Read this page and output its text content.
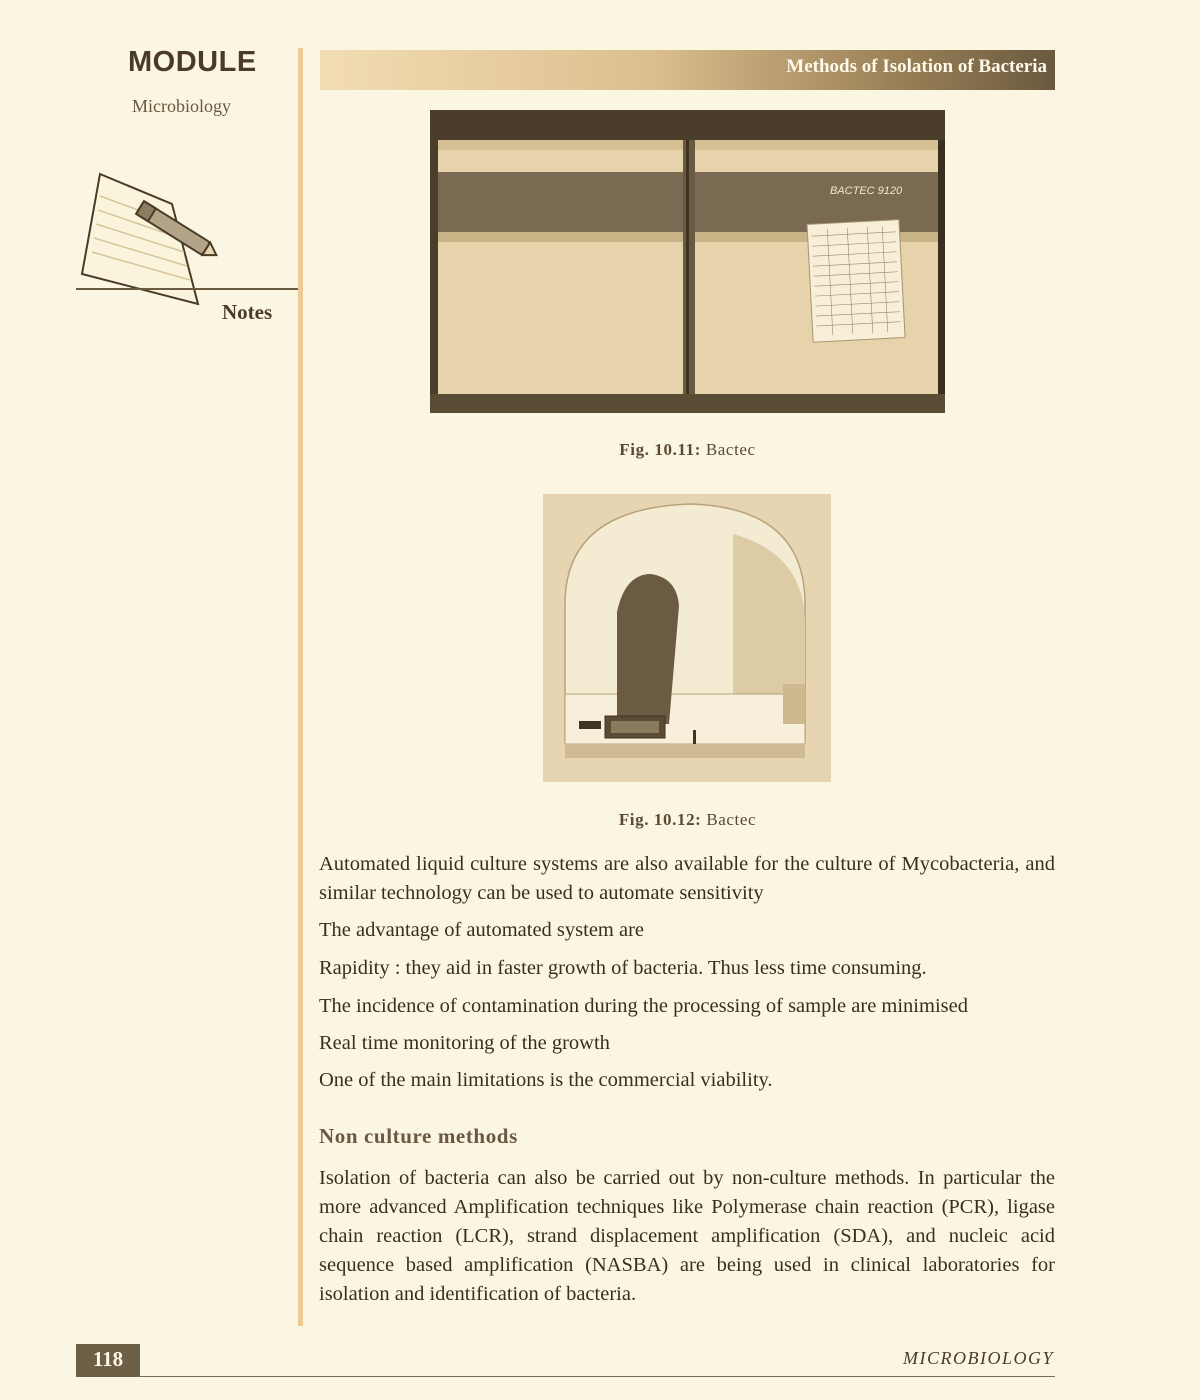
MODULE
Microbiology
Notes
Methods of Isolation of Bacteria
BACTEC 9120
Fig. 10.11: Bactec
Fig. 10.12: Bactec
Automated liquid culture systems are also available for the culture of Mycobacteria, and similar technology can be used to automate sensitivity
The advantage of automated system are
Rapidity : they aid in faster growth of bacteria. Thus less time consuming.
The incidence of contamination during the processing of sample are minimised
Real time monitoring of the growth
One of the main limitations is the commercial viability.
Non culture methods
Isolation of bacteria can also be carried out by non-culture methods. In particular the more advanced Amplification techniques like Polymerase chain reaction (PCR), ligase chain reaction (LCR), strand displacement amplification (SDA), and nucleic acid sequence based amplification (NASBA) are being used in clinical laboratories for isolation and identification of bacteria.
118	MICROBIOLOGY
